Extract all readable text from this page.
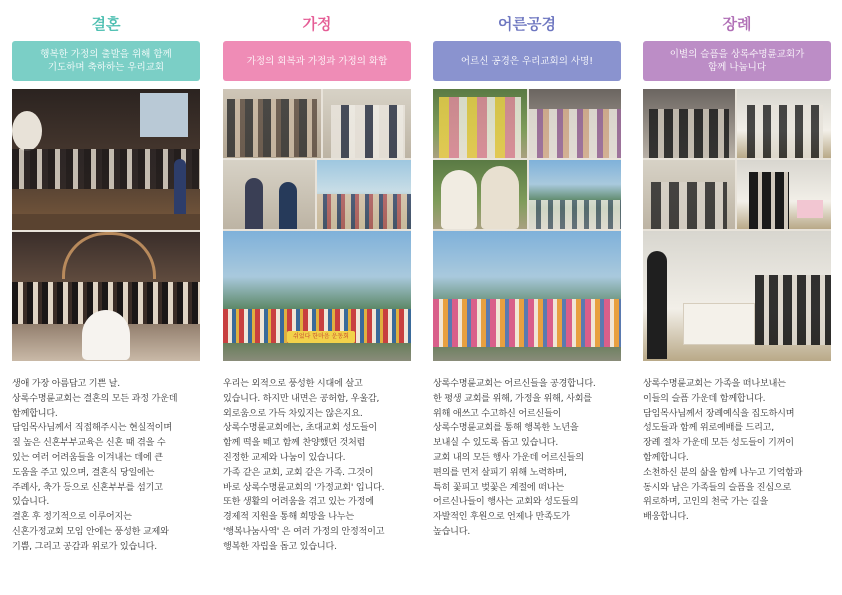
결혼
행복한 가정의 출발을 위해 함께
기도하며 축하하는 우리교회
생애 가장 아름답고 기쁜 날.
상록수명륜교회는 결혼의 모든 과정 가운데
함께합니다.
담임목사님께서 직접해주시는 현실적이며
질 높은 신혼부부교육은 신혼 때 겪을 수
있는 여러 어려움들을 이겨내는 데에 큰
도움을 주고 있으며, 결혼식 당일에는
주례사, 축가 등으로 신혼부부를 섬기고
있습니다.
결혼 후 정기적으로 이루어지는
신혼가정교회 모임 안에는 풍성한 교제와
기쁨, 그리고 공감과 위로가 있습니다.
가정
가정의 회복과 가정과 가정의 화합
쉬었다 한마음 운동회
우리는 외적으로 풍성한 시대에 살고
있습니다. 하지만 내면은 공허함, 우울감,
외로움으로 가득 차있지는 않은지요.
상록수명륜교회에는, 초대교회 성도들이
함께 떡을 떼고 함께 찬양했던 것처럼
진정한 교제와 나눔이 있습니다.
가족 같은 교회, 교회 같은 가족. 그것이
바로 상록수명륜교회의 '가정교회' 입니다.
또한 생활의 어려움을 겪고 있는 가정에
경제적 지원을 통해 희망을 나누는
'행복나눔사역' 은 여러 가정의 안정적이고
행복한 자립을 돕고 있습니다.
어른공경
어르신 공경은 우리교회의 사명!
상록수명륜교회는 어르신들을 공경합니다.
한 평생 교회를 위해, 가정을 위해, 사회를
위해 애쓰고 수고하신 어르신들이
상록수명륜교회를 통해 행복한 노년을
보내실 수 있도록 돕고 있습니다.
교회 내의 모든 행사 가운데 어르신들의
편의를 먼저 살피기 위해 노력하며,
특히 꽃피고 벚꽃은 계절에 떠나는
어르신나들이 행사는 교회와 성도들의
자발적인 후원으로 언제나 만족도가
높습니다.
장례
이별의 슬픔을 상록수명륜교회가
함께 나눕니다
상록수명륜교회는 가족을 떠나보내는
이들의 슬픔 가운데 함께합니다.
담임목사님께서 장례예식을 집도하시며
성도들과 함께 위로예배를 드리고,
장례 절차 가운데 모든 성도들이 기꺼이
함께합니다.
소천하신 분의 삶을 함께 나누고 기억함과
동시와 남은 가족들의 슬픔을 진심으로
위로하며, 고인의 천국 가는 길을
배웅합니다.
